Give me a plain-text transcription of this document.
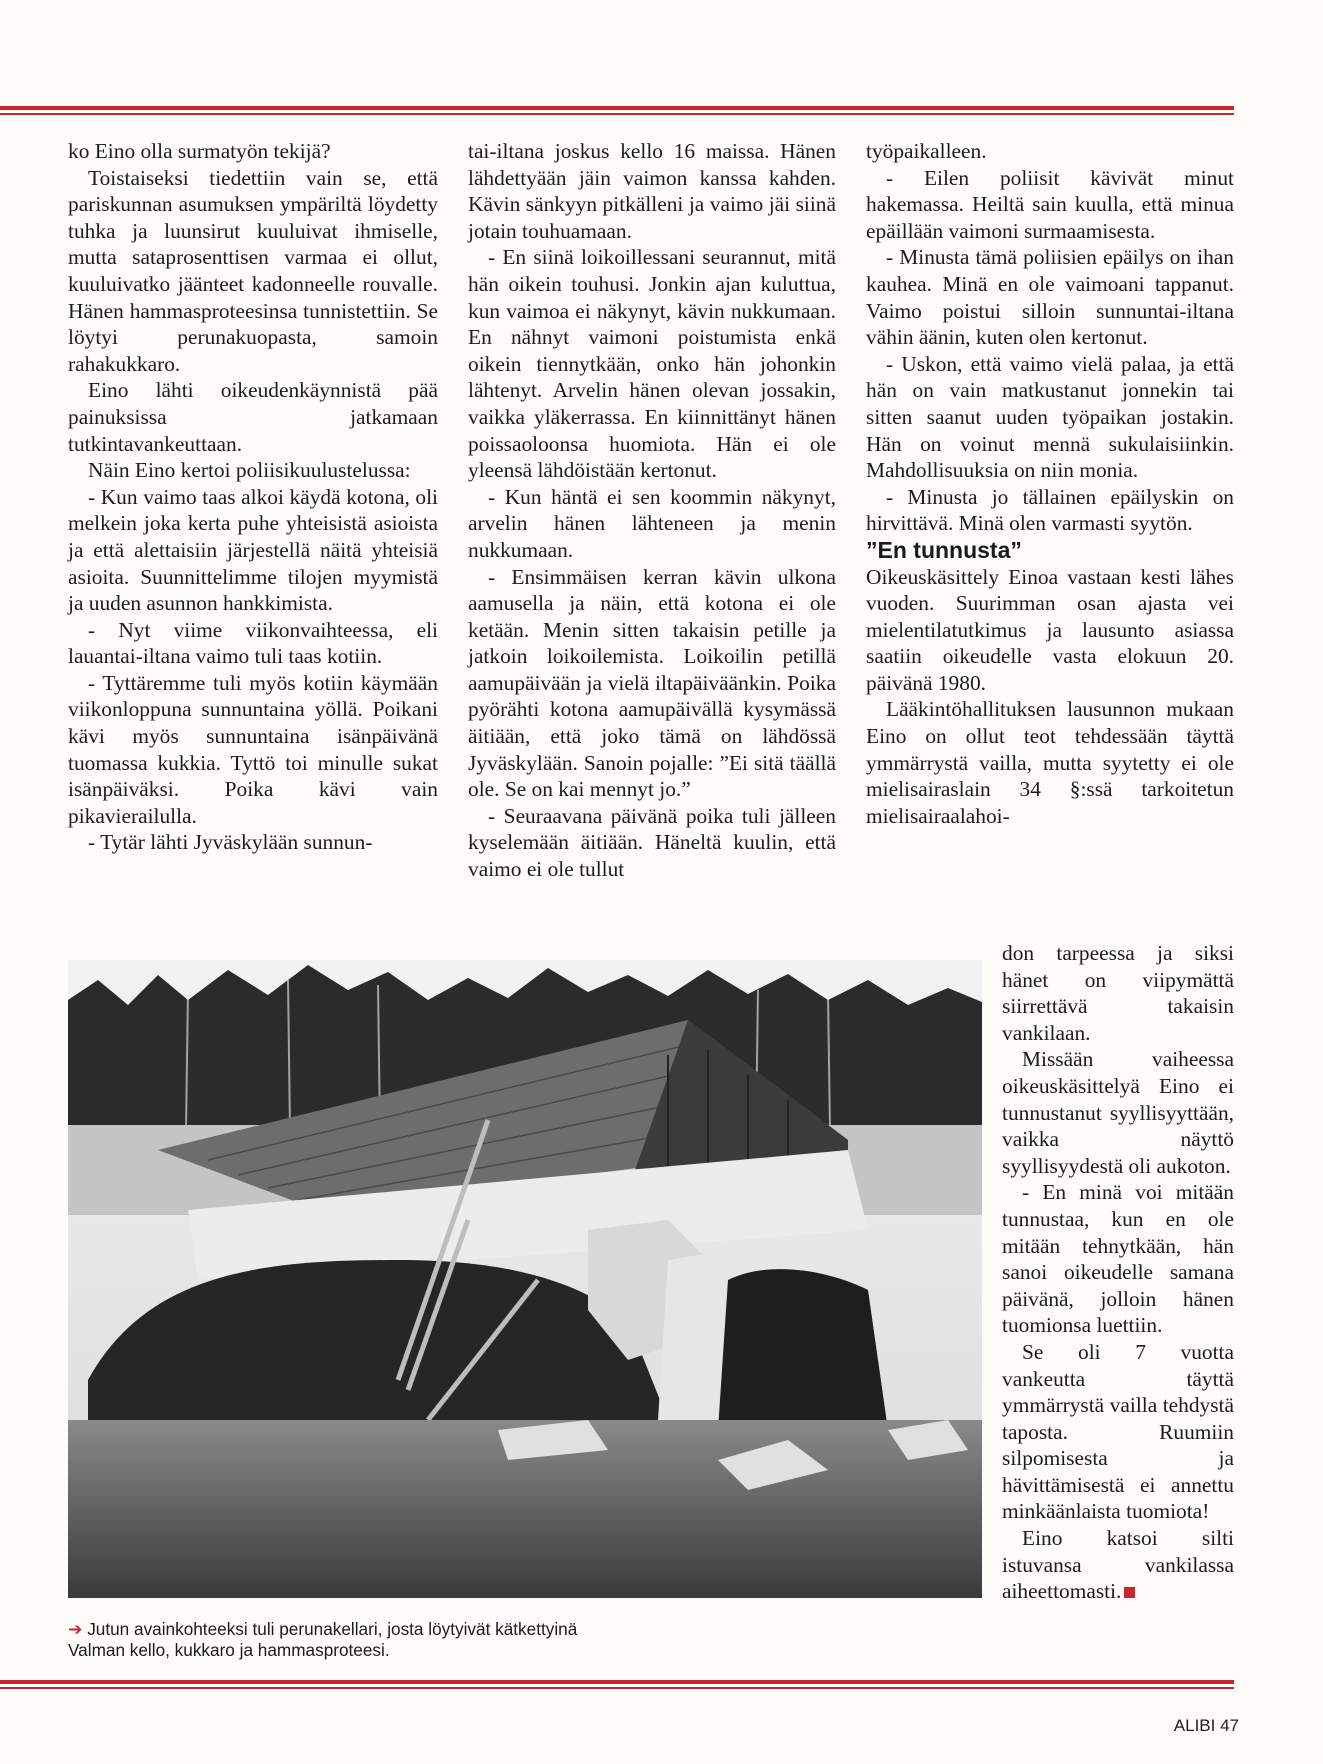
ko Eino olla surmatyön tekijä?

Toistaiseksi tiedettiin vain se, että pariskunnan asumuksen ympäriltä löydetty tuhka ja luunsirut kuuluivat ihmiselle, mutta sataprosenttisen varmaa ei ollut, kuuluivatko jäänteet kadonneelle rouvalle. Hänen hammasproteesinsa tunnistettiin. Se löytyi perunakuopasta, samoin rahakukkaro.

Eino lähti oikeudenkäynnistä pää painuksissa jatkamaan tutkintavankeuttaan.

Näin Eino kertoi poliisikuulustelussa:

- Kun vaimo taas alkoi käydä kotona, oli melkein joka kerta puhe yhteisistä asioista ja että alettaisiin järjestellä näitä yhteisiä asioita. Suunnittelimme tilojen myymistä ja uuden asunnon hankkimista.

- Nyt viime viikonvaihteessa, eli lauantai-iltana vaimo tuli taas kotiin.

- Tyttäremme tuli myös kotiin käymään viikonloppuna sunnuntaina yöllä. Poikani kävi myös sunnuntaina isänpäivänä tuomassa kukkia. Tyttö toi minulle sukat isänpäiväksi. Poika kävi vain pikavierailulla.

- Tytär lähti Jyväskylään sunnun-

tai-iltana joskus kello 16 maissa. Hänen lähdettyään jäin vaimon kanssa kahden. Kävin sänkyyn pitkälleni ja vaimo jäi siinä jotain touhuamaan.

- En siinä loikoillessani seurannut, mitä hän oikein touhusi. Jonkin ajan kuluttua, kun vaimoa ei näkynyt, kävin nukkumaan. En nähnyt vaimoni poistumista enkä oikein tiennytkään, onko hän johonkin lähtenyt. Arvelin hänen olevan jossakin, vaikka yläkerrassa. En kiinnittänyt hänen poissaoloonsa huomiota. Hän ei ole yleensä lähdöistään kertonut.

- Kun häntä ei sen koommin näkynyt, arvelin hänen lähteneen ja menin nukkumaan.

- Ensimmäisen kerran kävin ulkona aamusella ja näin, että kotona ei ole ketään. Menin sitten takaisin petille ja jatkoin loikoilemista. Loikoilin petillä aamupäivään ja vielä iltapäiväänkin. Poika pyörähti kotona aamupäivällä kysymässä äitiään, että joko tämä on lähdössä Jyväskylään. Sanoin pojalle: ”Ei sitä täällä ole. Se on kai mennyt jo.”

- Seuraavana päivänä poika tuli jälleen kyselemään äitiään. Häneltä kuulin, että vaimo ei ole tullut

työpaikalleen.

- Eilen poliisit kävivät minut hakemassa. Heiltä sain kuulla, että minua epäillään vaimoni surmaamisesta.

- Minusta tämä poliisien epäilys on ihan kauhea. Minä en ole vaimoani tappanut. Vaimo poistui silloin sunnuntai-iltana vähin äänin, kuten olen kertonut.

- Uskon, että vaimo vielä palaa, ja että hän on vain matkustanut jonnekin tai sitten saanut uuden työpaikan jostakin. Hän on voinut mennä sukulaisiinkin. Mahdollisuuksia on niin monia.

- Minusta jo tällainen epäilyskin on hirvittävä. Minä olen varmasti syytön.

”En tunnusta”

Oikeuskäsittely Einoa vastaan kesti lähes vuoden. Suurimman osan ajasta vei mielentilatutkimus ja lausunto asiassa saatiin oikeudelle vasta elokuun 20. päivänä 1980.

Lääkintöhallituksen lausunnon mukaan Eino on ollut teot tehdessään täyttä ymmärrystä vailla, mutta syytetty ei ole mielisairaslain 34 §:ssä tarkoitetun mielisairaalahoi-

don tarpeessa ja siksi hänet on viipymättä siirrettävä takaisin vankilaan.

Missään vaiheessa oikeuskäsittelyä Eino ei tunnustanut syyllisyyttään, vaikka näyttö syyllisyydestä oli aukoton.

- En minä voi mitään tunnustaa, kun en ole mitään tehnytkään, hän sanoi oikeudelle samana päivänä, jolloin hänen tuomionsa luettiin.

Se oli 7 vuotta vankeutta täyttä ymmärrystä vailla tehdystä taposta. Ruumiin silpomisesta ja hävittämisestä ei annettu minkäänlaista tuomiota!

Eino katsoi silti istuvansa vankilassa aiheettomasti.

➔ Jutun avainkohteeksi tuli perunakellari, josta löytyivät kätkettyinä Valman kello, kukkaro ja hammasproteesi.
ALIBI 47
